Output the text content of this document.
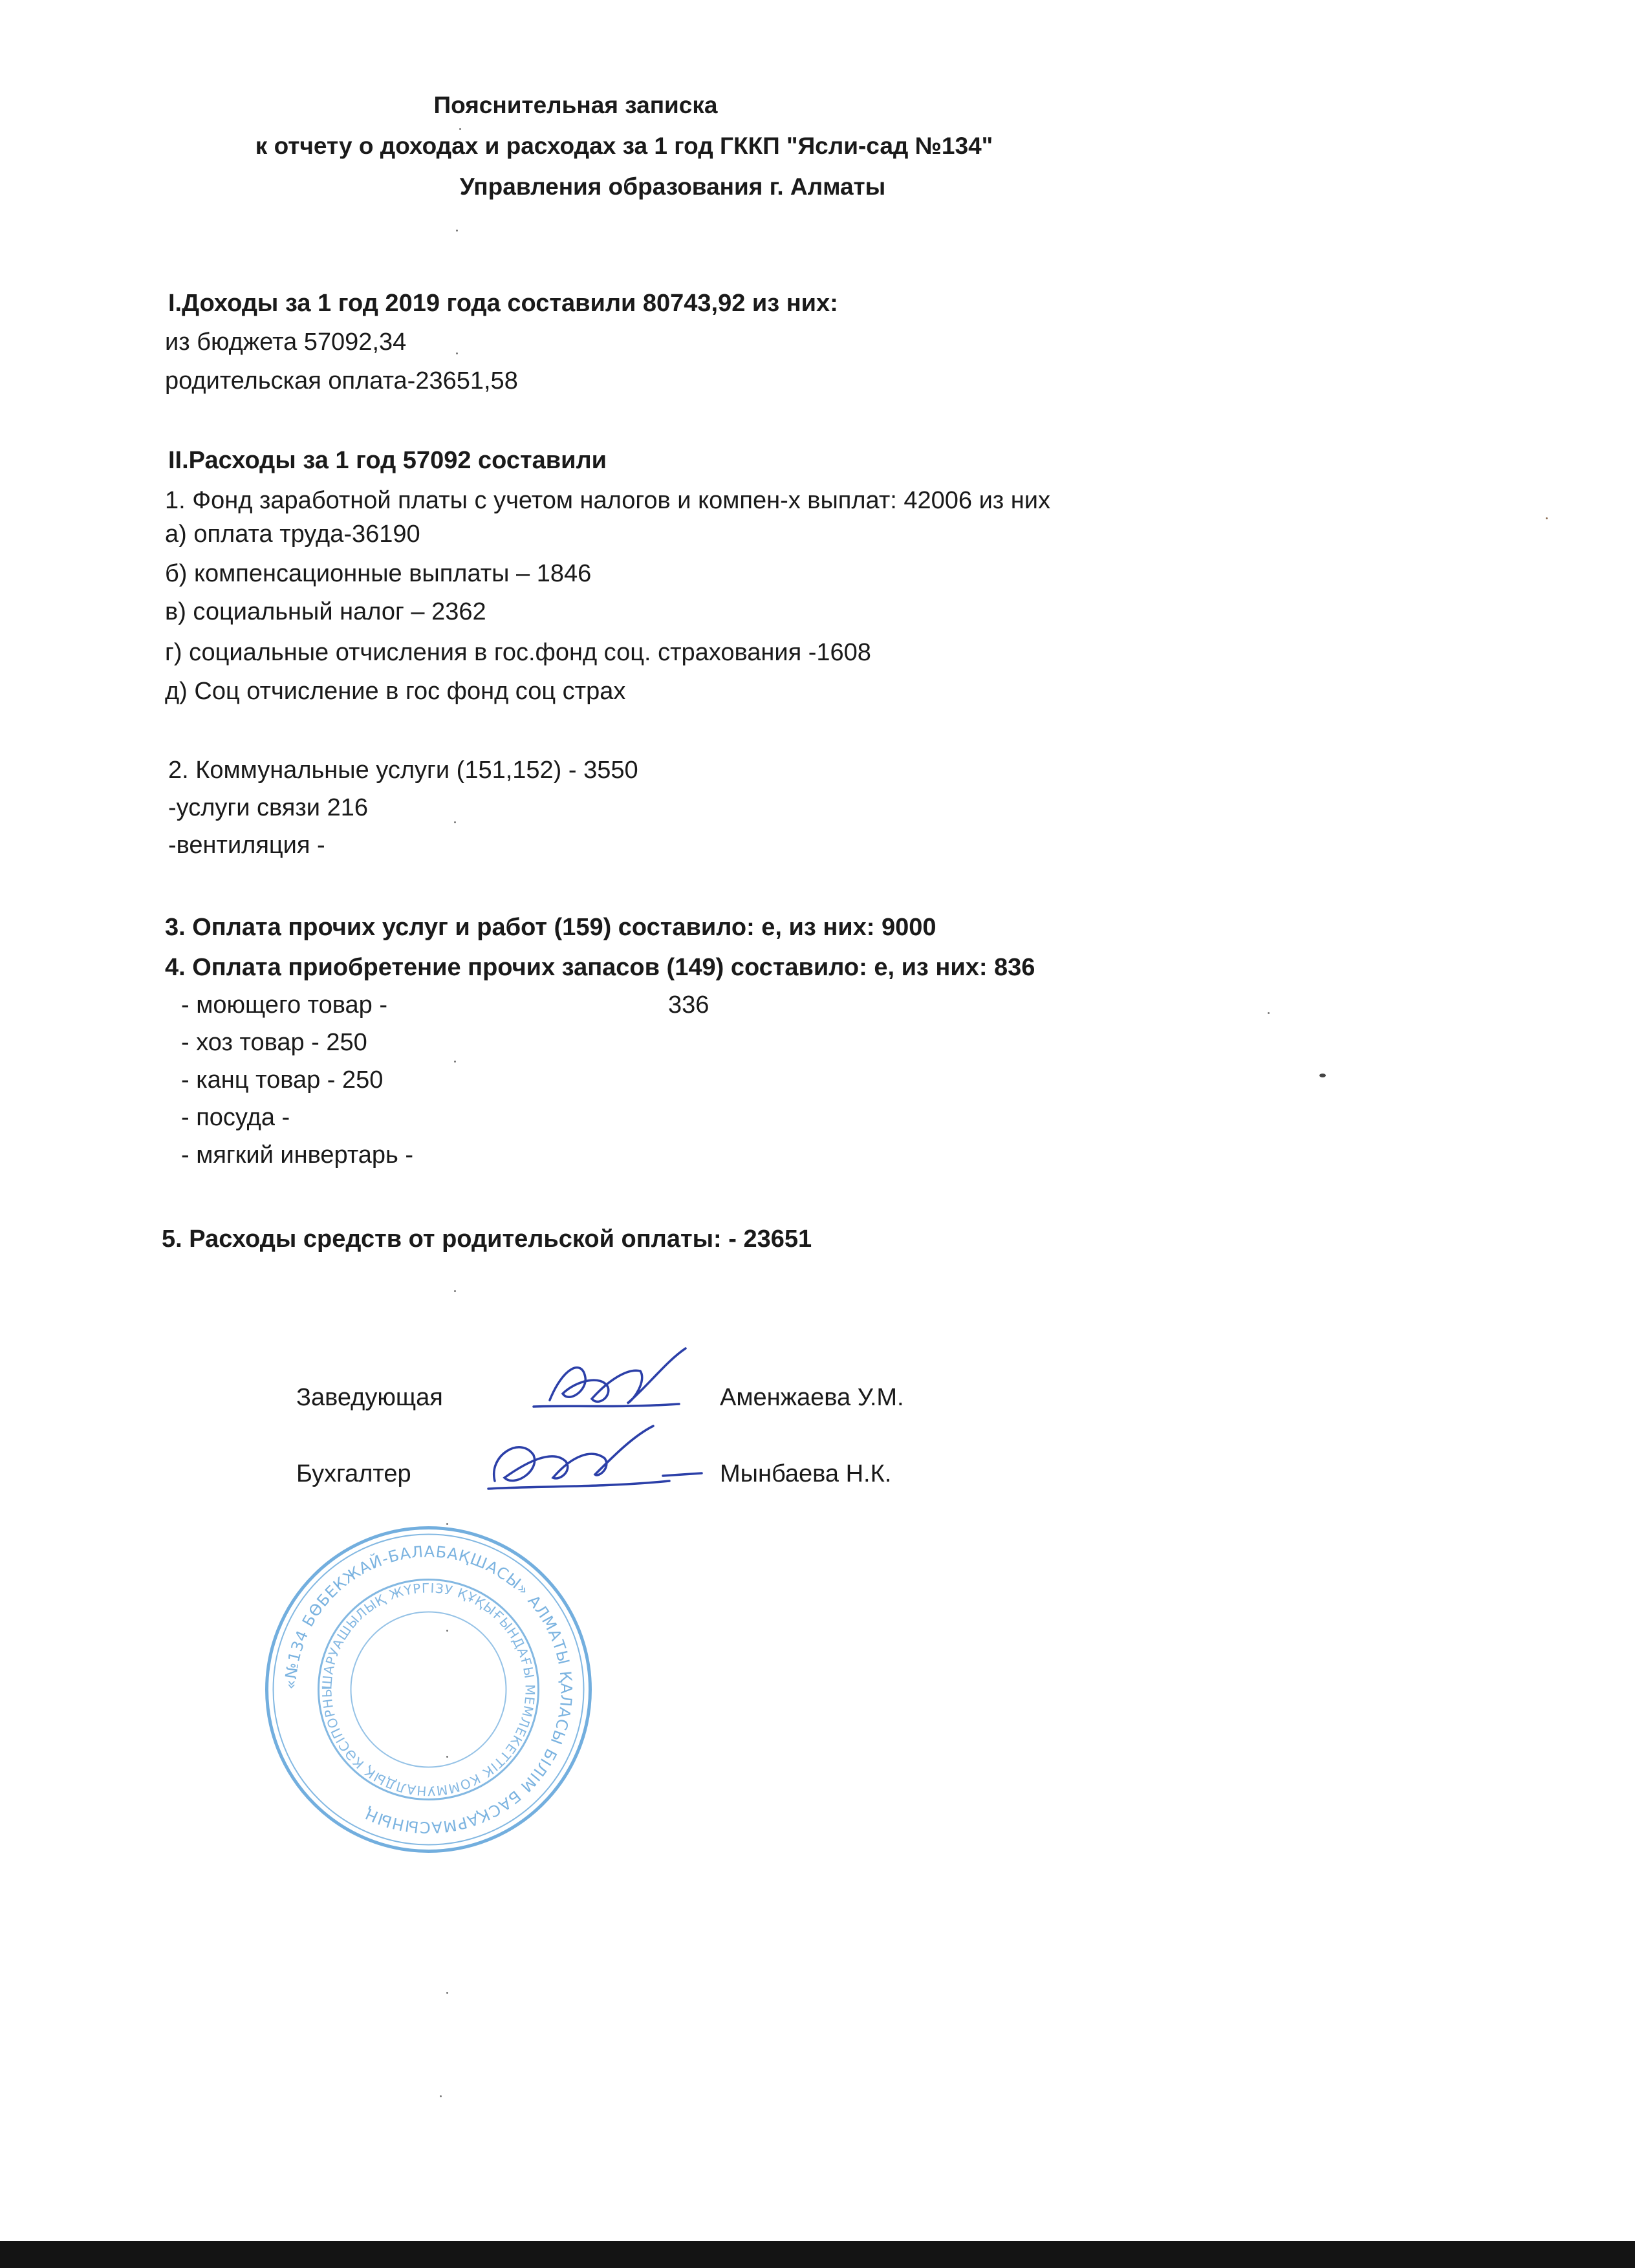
Пояснительная записка
к отчету о доходах и расходах за 1 год ГККП "Ясли-сад №134"
Управления образования г. Алматы
I.Доходы за 1 год 2019 года составили 80743,92 из них:
из бюджета 57092,34
родительская оплата-23651,58
II.Расходы за 1 год 57092 составили
1. Фонд заработной платы с учетом налогов и компен-х выплат: 42006 из них
а) оплата труда-36190
б) компенсационные выплаты – 1846
в) социальный налог – 2362
г) социальные отчисления в гос.фонд соц. страхования -1608
д) Соц отчисление в гос фонд соц страх
2. Коммунальные услуги (151,152) - 3550
-услуги связи 216
-вентиляция -
3. Оплата прочих услуг и работ (159) составило: е, из них: 9000
4. Оплата приобретение прочих запасов (149) составило: е, из них: 836
- моющего товар -	336
- хоз товар - 250
- канц товар - 250
- посуда -
- мягкий инвертарь -
5. Расходы средств от родительской оплаты: - 23651
Заведующая	Аменжаева У.М.
Бухгалтер	Мынбаева Н.К.
«№134 БӨБЕКЖАЙ-БАЛАБАҚШАСЫ» АЛМАТЫ ҚАЛАСЫ БІЛІМ БАСҚАРМАСЫНЫҢ
ШАРУАШЫЛЫҚ ЖҮРГІЗУ ҚҰҚЫҒЫНДАҒЫ МЕМЛЕКЕТТІК КОММУНАЛДЫҚ КӘСІПОРНЫ
